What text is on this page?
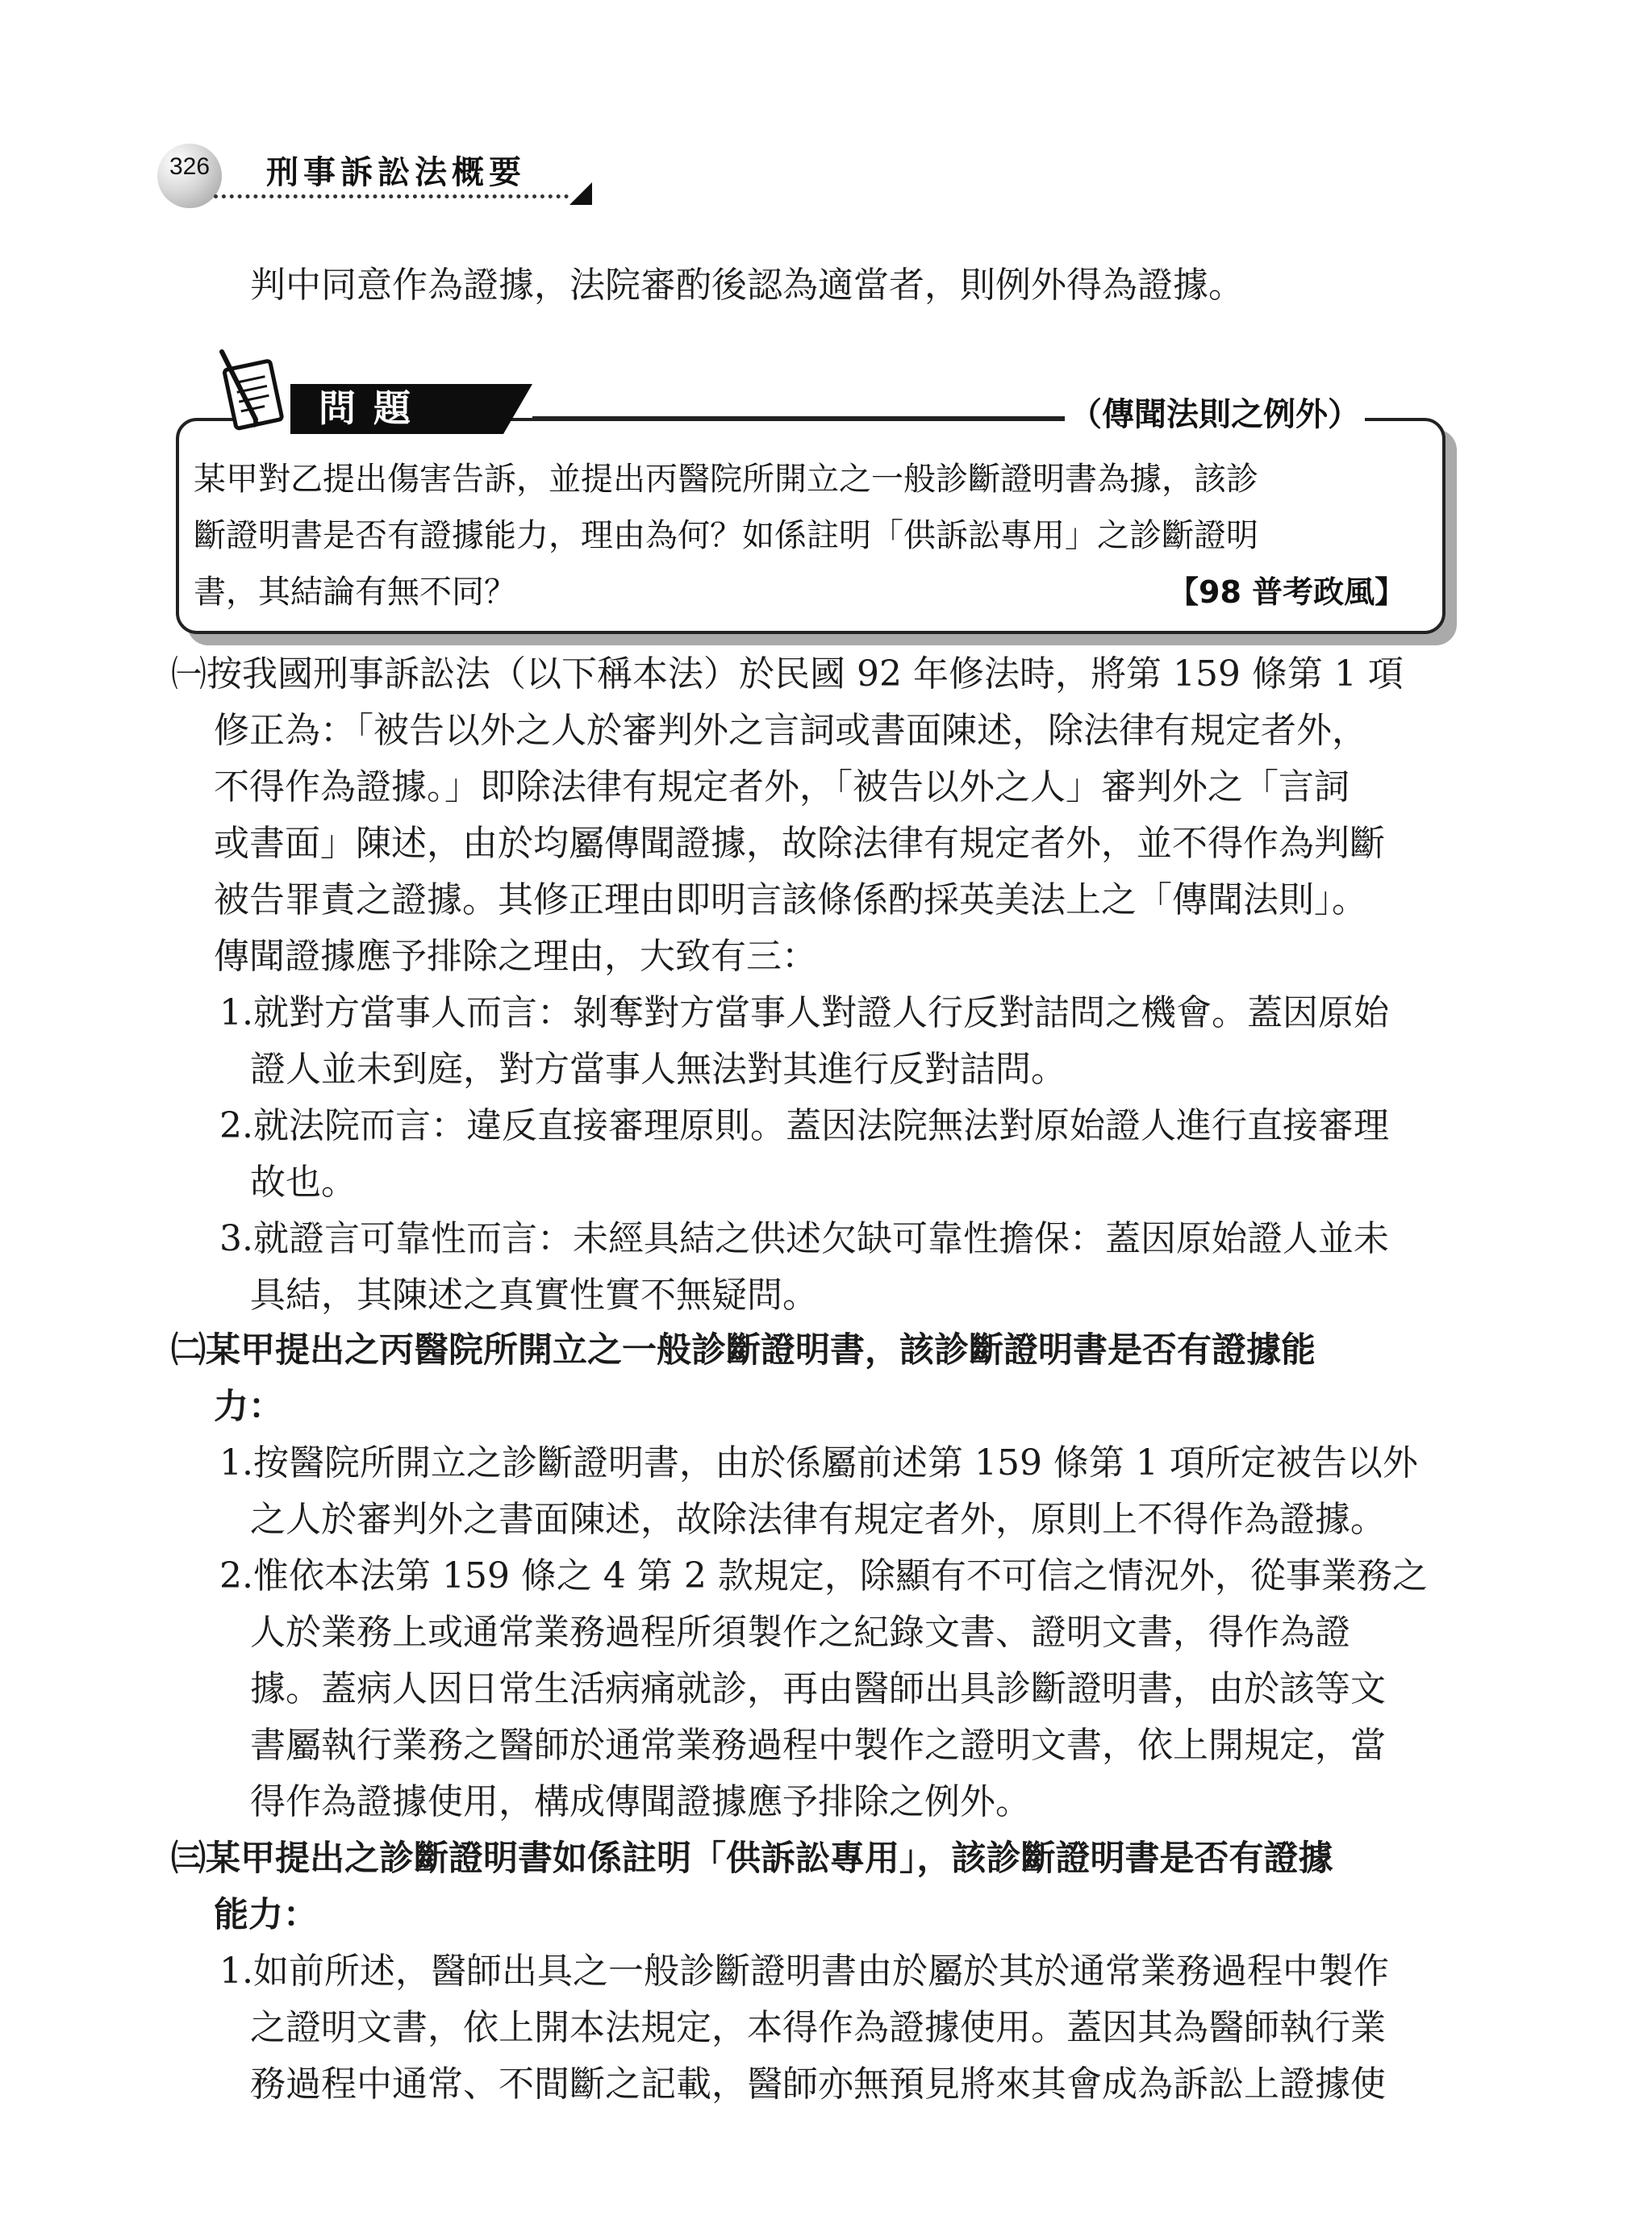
326 刑事訴訟法概要

判中同意作為證據，法院審酌後認為適當者，則例外得為證據。

問題	（傳聞法則之例外）

某甲對乙提出傷害告訴，並提出丙醫院所開立之一般診斷證明書為據，該診

斷證明書是否有證據能力，理由為何？如係註明「供訴訟專用」之診斷證明

書，其結論有無不同？	【98 普考政風】

㈠按我國刑事訴訟法（以下稱本法）於民國 92 年修法時，將第 159 條第 1 項

修正為：「被告以外之人於審判外之言詞或書面陳述，除法律有規定者外，

不得作為證據。」即除法律有規定者外，「被告以外之人」審判外之「言詞

或書面」陳述，由於均屬傳聞證據，故除法律有規定者外，並不得作為判斷

被告罪責之證據。其修正理由即明言該條係酌採英美法上之「傳聞法則」。

傳聞證據應予排除之理由，大致有三：

1.就對方當事人而言：剝奪對方當事人對證人行反對詰問之機會。蓋因原始

證人並未到庭，對方當事人無法對其進行反對詰問。

2.就法院而言：違反直接審理原則。蓋因法院無法對原始證人進行直接審理

故也。

3.就證言可靠性而言：未經具結之供述欠缺可靠性擔保：蓋因原始證人並未

具結，其陳述之真實性實不無疑問。

㈡某甲提出之丙醫院所開立之一般診斷證明書，該診斷證明書是否有證據能

力：

1.按醫院所開立之診斷證明書，由於係屬前述第 159 條第 1 項所定被告以外

之人於審判外之書面陳述，故除法律有規定者外，原則上不得作為證據。

2.惟依本法第 159 條之 4 第 2 款規定，除顯有不可信之情況外，從事業務之

人於業務上或通常業務過程所須製作之紀錄文書、證明文書，得作為證

據。蓋病人因日常生活病痛就診，再由醫師出具診斷證明書，由於該等文

書屬執行業務之醫師於通常業務過程中製作之證明文書，依上開規定，當

得作為證據使用，構成傳聞證據應予排除之例外。

㈢某甲提出之診斷證明書如係註明「供訴訟專用」，該診斷證明書是否有證據

能力：

1.如前所述，醫師出具之一般診斷證明書由於屬於其於通常業務過程中製作

之證明文書，依上開本法規定，本得作為證據使用。蓋因其為醫師執行業

務過程中通常、不間斷之記載，醫師亦無預見將來其會成為訴訟上證據使
